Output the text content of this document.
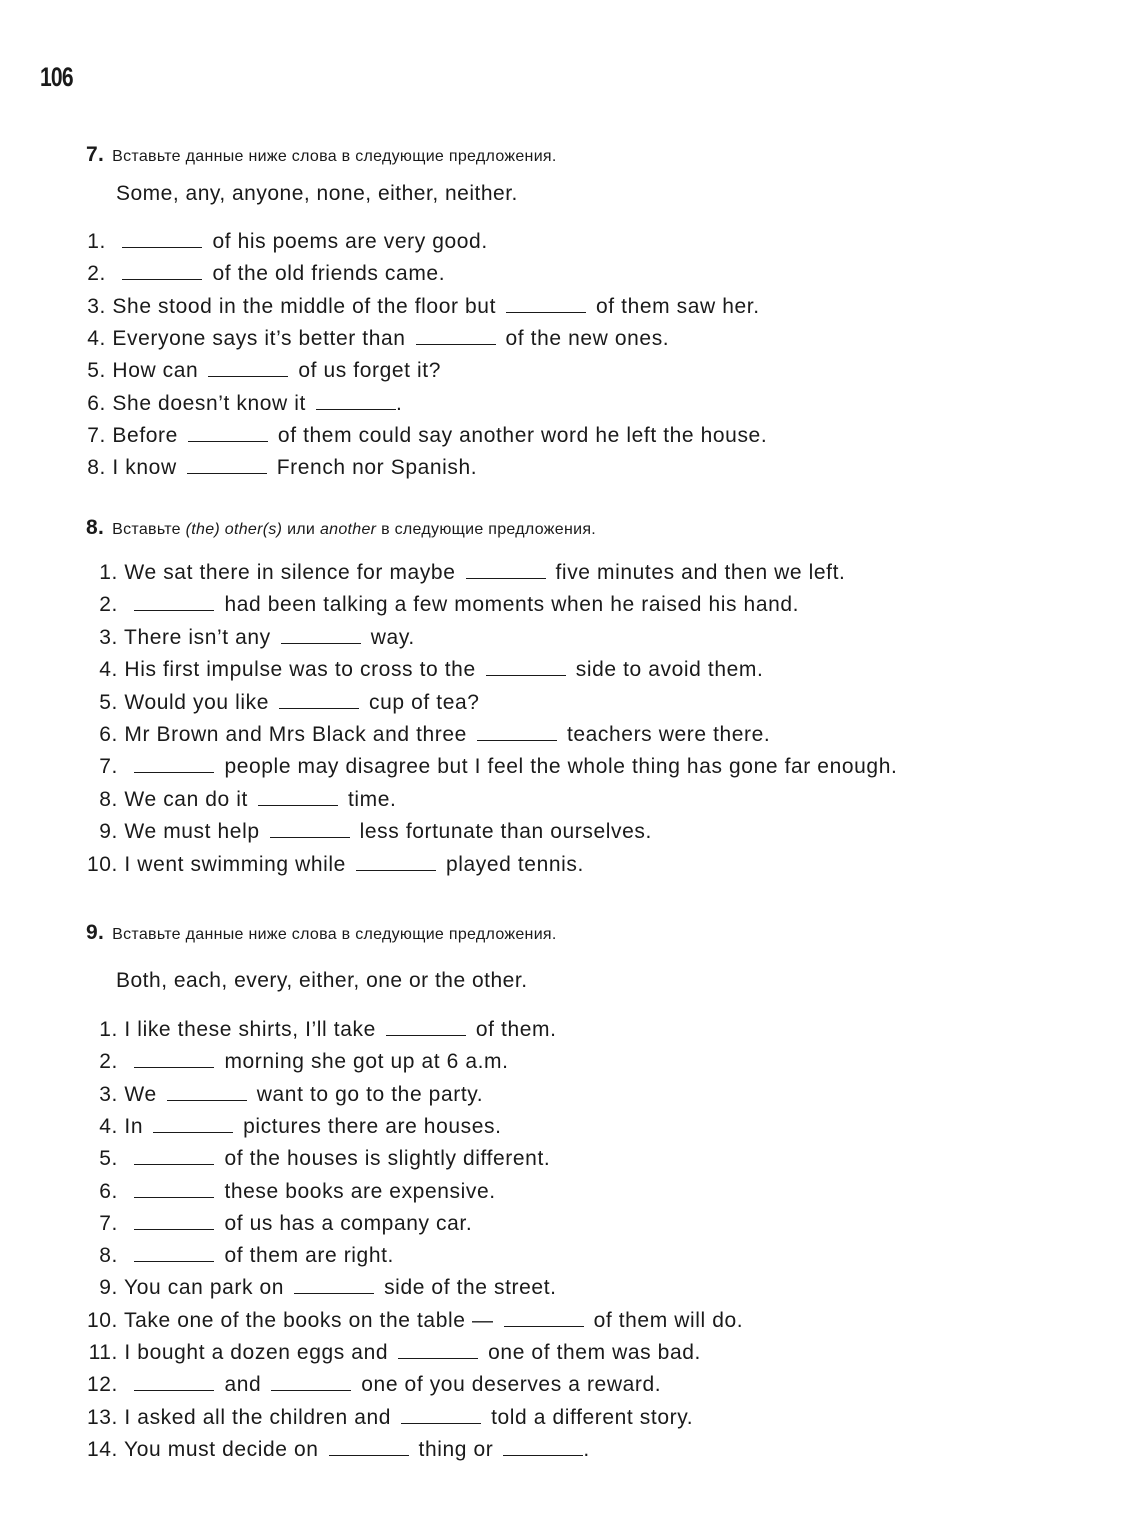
106
7. Вставьте данные ниже слова в следующие предложения.
Some, any, anyone, none, either, neither.
1.	of his poems are very good.
2.	of the old friends came.
3. She stood in the middle of the floor but	of them saw her.
4. Everyone says it’s better than	of the new ones.
5. How can	of us forget it?
6. She doesn’t know it	.
7. Before	of them could say another word he left the house.
8. I know	French nor Spanish.
8. Вставьте (the) other(s) или another в следующие предложения.
1. We sat there in silence for maybe	five minutes and then we left.
2.	had been talking a few moments when he raised his hand.
3. There isn’t any	way.
4. His first impulse was to cross to the	side to avoid them.
5. Would you like	cup of tea?
6. Mr Brown and Mrs Black and three	teachers were there.
7.	people may disagree but I feel the whole thing has gone far enough.
8. We can do it	time.
9. We must help	less fortunate than ourselves.
10. I went swimming while	played tennis.
9. Вставьте данные ниже слова в следующие предложения.
Both, each, every, either, one or the other.
1. I like these shirts, I’ll take	of them.
2.	morning she got up at 6 a.m.
3. We	want to go to the party.
4. In	pictures there are houses.
5.	of the houses is slightly different.
6.	these books are expensive.
7.	of us has a company car.
8.	of them are right.
9. You can park on	side of the street.
10. Take one of the books on the table —	of them will do.
11. I bought a dozen eggs and	one of them was bad.
12.	and	one of you deserves a reward.
13. I asked all the children and	told a different story.
14. You must decide on	thing or	.
